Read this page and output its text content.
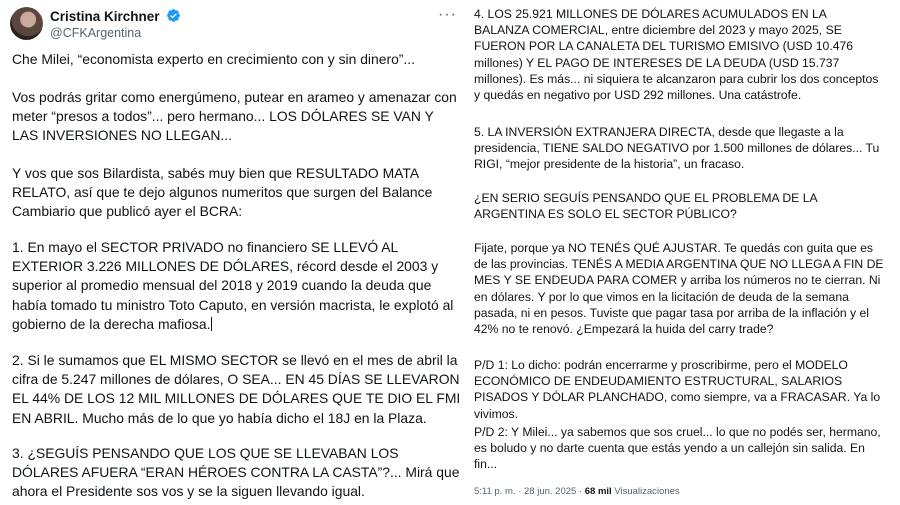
Cristina Kirchner
@CFKArgentina
···

Che Milei, “economista experto en crecimiento con y sin dinero”...

Vos podrás gritar como energúmeno, putear en arameo y amenazar con meter “presos a todos”... pero hermano... LOS DÓLARES SE VAN Y LAS INVERSIONES NO LLEGAN...

Y vos que sos Bilardista, sabés muy bien que RESULTADO MATA RELATO, así que te dejo algunos numeritos que surgen del Balance Cambiario que publicó ayer el BCRA:

1. En mayo el SECTOR PRIVADO no financiero SE LLEVÓ AL EXTERIOR 3.226 MILLONES DE DÓLARES, récord desde el 2003 y superior al promedio mensual del 2018 y 2019 cuando la deuda que había tomado tu ministro Toto Caputo, en versión macrista, le explotó al gobierno de la derecha mafiosa.

2. Si le sumamos que EL MISMO SECTOR se llevó en el mes de abril la cifra de 5.247 millones de dólares, O SEA... EN 45 DÍAS SE LLEVARON EL 44% DE LOS 12 MIL MILLONES DE DÓLARES QUE TE DIO EL FMI EN ABRIL. Mucho más de lo que yo había dicho el 18J en la Plaza.

3. ¿SEGUÍS PENSANDO QUE LOS QUE SE LLEVABAN LOS DÓLARES AFUERA “ERAN HÉROES CONTRA LA CASTA”?... Mirá que ahora el Presidente sos vos y se la siguen llevando igual.

4. LOS 25.921 MILLONES DE DÓLARES ACUMULADOS EN LA BALANZA COMERCIAL, entre diciembre del 2023 y mayo 2025, SE FUERON POR LA CANALETA DEL TURISMO EMISIVO (USD 10.476 millones) Y EL PAGO DE INTERESES DE LA DEUDA (USD 15.737 millones). Es más... ni siquiera te alcanzaron para cubrir los dos conceptos y quedás en negativo por USD 292 millones. Una catástrofe.

5. LA INVERSIÓN EXTRANJERA DIRECTA, desde que llegaste a la presidencia, TIENE SALDO NEGATIVO por 1.500 millones de dólares... Tu RIGI, “mejor presidente de la historia”, un fracaso.

¿EN SERIO SEGUÍS PENSANDO QUE EL PROBLEMA DE LA ARGENTINA ES SOLO EL SECTOR PÚBLICO?

Fijate, porque ya NO TENÉS QUÉ AJUSTAR. Te quedás con guita que es de las provincias. TENÉS A MEDIA ARGENTINA QUE NO LLEGA A FIN DE MES Y SE ENDEUDA PARA COMER y arriba los números no te cierran. Ni en dólares. Y por lo que vimos en la licitación de deuda de la semana pasada, ni en pesos. Tuviste que pagar tasa por arriba de la inflación y el 42% no te renovó. ¿Empezará la huida del carry trade?

P/D 1: Lo dicho: podrán encerrarme y proscribirme, pero el MODELO ECONÓMICO DE ENDEUDAMIENTO ESTRUCTURAL, SALARIOS PISADOS Y DÓLAR PLANCHADO, como siempre, va a FRACASAR. Ya lo vivimos.

P/D 2: Y Milei... ya sabemos que sos cruel... lo que no podés ser, hermano, es boludo y no darte cuenta que estás yendo a un callejón sin salida. En fin...

5:11 p. m. · 28 jun. 2025 · 68 mil Visualizaciones
